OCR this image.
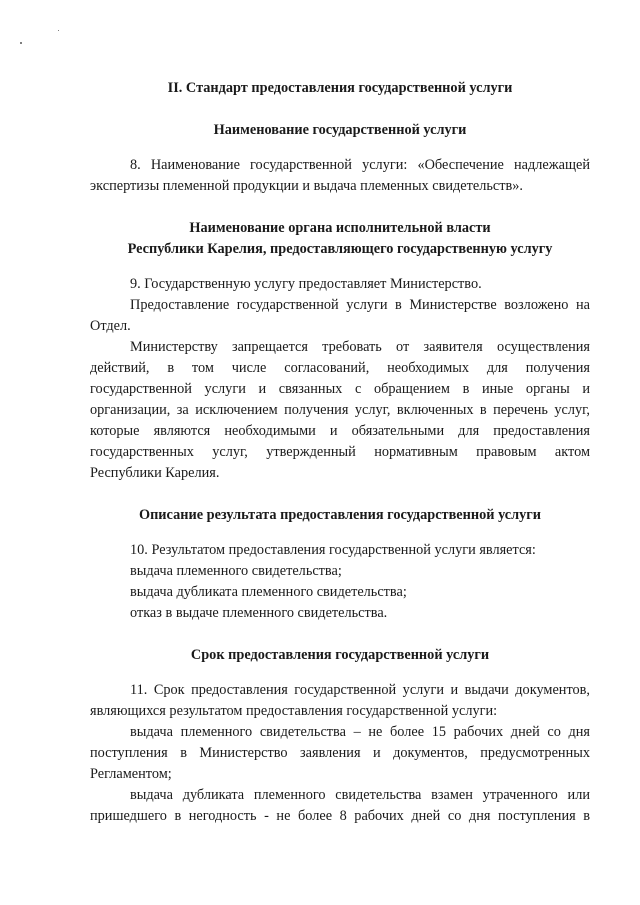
II. Стандарт предоставления государственной услуги
Наименование государственной услуги

8. Наименование государственной услуги: «Обеспечение надлежащей экспертизы племенной продукции и выдача племенных свидетельств».

Наименование органа исполнительной власти
Республики Карелия, предоставляющего государственную услугу

9. Государственную услугу предоставляет Министерство.

Предоставление государственной услуги в Министерстве возложено на Отдел.

Министерству запрещается требовать от заявителя осуществления действий, в том числе согласований, необходимых для получения государственной услуги и связанных с обращением в иные органы и организации, за исключением получения услуг, включенных в перечень услуг, которые являются необходимыми и обязательными для предоставления государственных услуг, утвержденный нормативным правовым актом Республики Карелия.

Описание результата предоставления государственной услуги

10. Результатом предоставления государственной услуги является:

выдача племенного свидетельства;

выдача дубликата племенного свидетельства;

отказ в выдаче племенного свидетельства.

Срок предоставления государственной услуги

11. Срок предоставления государственной услуги и выдачи документов, являющихся результатом предоставления государственной услуги:

выдача племенного свидетельства – не более 15 рабочих дней со дня поступления в Министерство заявления и документов, предусмотренных Регламентом;

выдача дубликата племенного свидетельства взамен утраченного или пришедшего в негодность - не более 8 рабочих дней со дня поступления в
